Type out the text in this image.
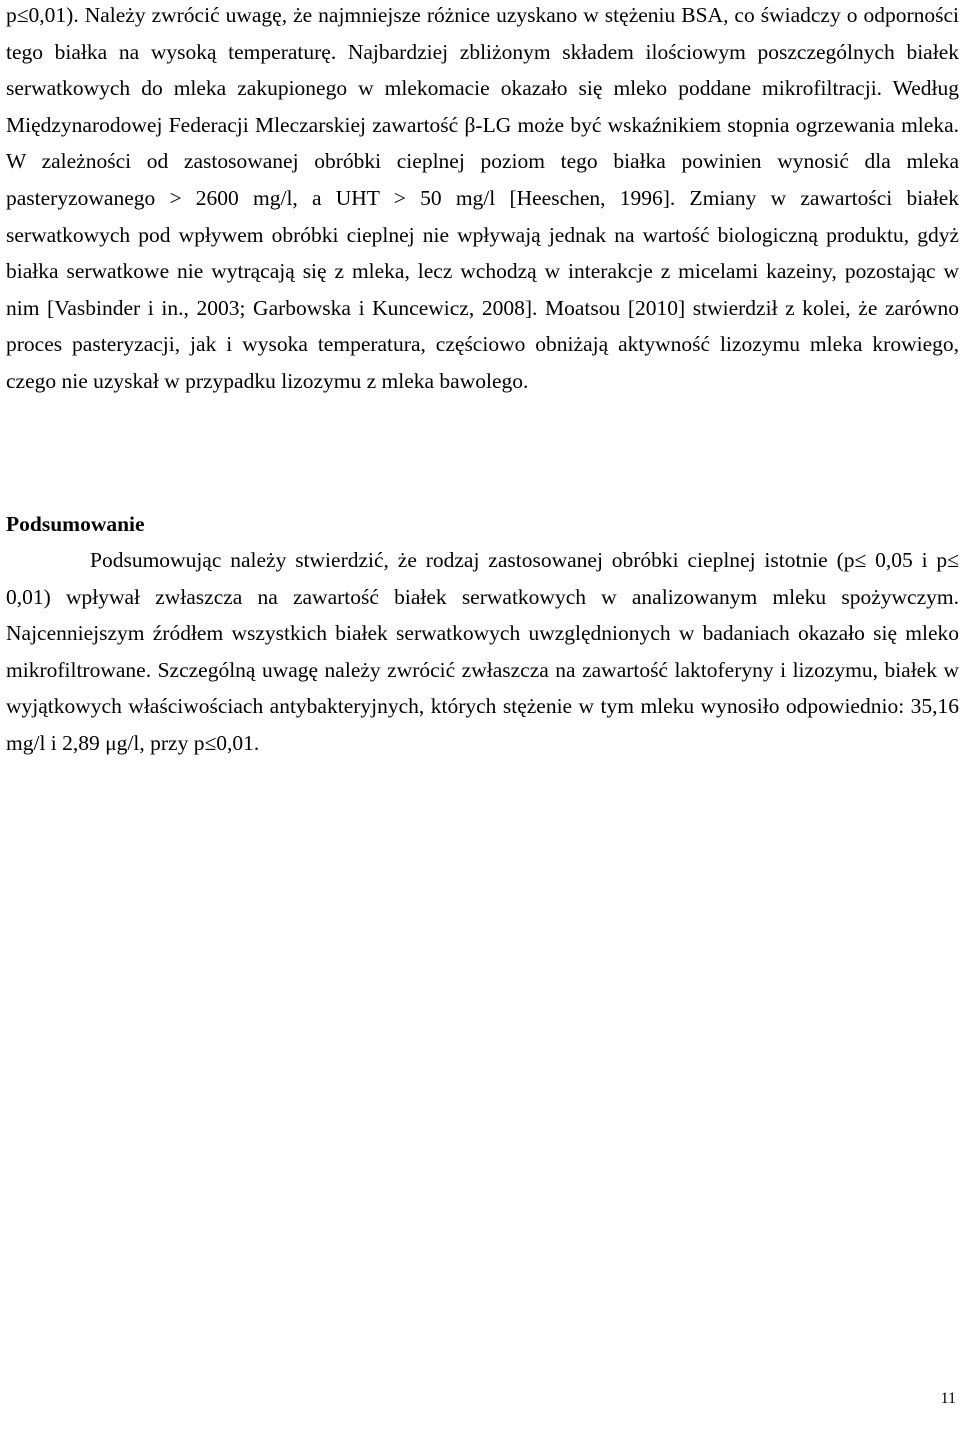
p≤0,01). Należy zwrócić uwagę, że najmniejsze różnice uzyskano w stężeniu BSA, co świadczy o odporności tego białka na wysoką temperaturę. Najbardziej zbliżonym składem ilościowym poszczególnych białek serwatkowych do mleka zakupionego w mlekomacie okazało się mleko poddane mikrofiltracji. Według Międzynarodowej Federacji Mleczarskiej zawartość β-LG może być wskaźnikiem stopnia ogrzewania mleka. W zależności od zastosowanej obróbki cieplnej poziom tego białka powinien wynosić dla mleka pasteryzowanego > 2600 mg/l, a UHT > 50 mg/l [Heeschen, 1996]. Zmiany w zawartości białek serwatkowych pod wpływem obróbki cieplnej nie wpływają jednak na wartość biologiczną produktu, gdyż białka serwatkowe nie wytrącają się z mleka, lecz wchodzą w interakcje z micelami kazeiny, pozostając w nim [Vasbinder i in., 2003; Garbowska i Kuncewicz, 2008]. Moatsou [2010] stwierdził z kolei, że zarówno proces pasteryzacji, jak i wysoka temperatura, częściowo obniżają aktywność lizozymu mleka krowiego, czego nie uzyskał w przypadku lizozymu z mleka bawolego.

Podsumowanie

Podsumowując należy stwierdzić, że rodzaj zastosowanej obróbki cieplnej istotnie (p≤ 0,05 i p≤ 0,01) wpływał zwłaszcza na zawartość białek serwatkowych w analizowanym mleku spożywczym. Najcenniejszym źródłem wszystkich białek serwatkowych uwzględnionych w badaniach okazało się mleko mikrofiltrowane. Szczególną uwagę należy zwrócić zwłaszcza na zawartość laktoferyny i lizozymu, białek w wyjątkowych właściwościach antybakteryjnych, których stężenie w tym mleku wynosiło odpowiednio: 35,16 mg/l i 2,89 μg/l, przy p≤0,01.

11
